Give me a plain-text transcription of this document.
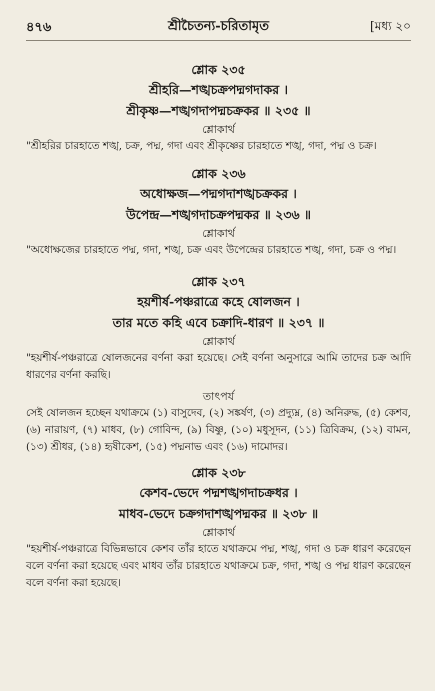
৪৭৬	শ্রীচৈতন্য-চরিতামৃত	[মধ্য ২০
শ্লোক ২৩৫
শ্রীহরি—শঙ্খচক্রপদ্মগদাকর ।
শ্রীকৃষ্ণ—শঙ্খগদাপদ্মচক্রকর ॥ ২৩৫ ॥
শ্লোকার্থ
"শ্রীহরির চারহাতে শঙ্খ, চক্র, পদ্ম, গদা এবং শ্রীকৃষ্ণের চারহাতে শঙ্খ, গদা, পদ্ম ও চক্র।
শ্লোক ২৩৬
অধোক্ষজ—পদ্মগদাশঙ্খচক্রকর ।
উপেন্দ্র—শঙ্খগদাচক্রপদ্মকর ॥ ২৩৬ ॥
শ্লোকার্থ
"অধোক্ষজের চারহাতে পদ্ম, গদা, শঙ্খ, চক্র এবং উপেন্দ্রের চারহাতে শঙ্খ, গদা, চক্র ও পদ্ম।
শ্লোক ২৩৭
হয়শীর্ষ-পঞ্চরাত্রে কহে ষোলজন ।
তার মতে কহি এবে চক্রাদি-ধারণ ॥ ২৩৭ ॥
শ্লোকার্থ
"হয়শীর্ষ-পঞ্চরাত্রে ষোলজনের বর্ণনা করা হয়েছে। সেই বর্ণনা অনুসারে আমি তাদের চক্র আদি ধারণের বর্ণনা করছি।
তাৎপর্য
সেই ষোলজন হচ্ছেন যথাক্রমে (১) বাসুদেব, (২) সঙ্কর্ষণ, (৩) প্রদ্যুম্ন, (৪) অনিরুদ্ধ, (৫) কেশব, (৬) নারায়ণ, (৭) মাধব, (৮) গোবিন্দ, (৯) বিষ্ণু, (১০) মধুসূদন, (১১) ত্রিবিক্রম, (১২) বামন, (১৩) শ্রীধর, (১৪) হৃষীকেশ, (১৫) পদ্মনাভ এবং (১৬) দামোদর।
শ্লোক ২৩৮
কেশব-ভেদে পদ্মশঙ্খগদাচক্রধর ।
মাধব-ভেদে চক্রগদাশঙ্খপদ্মকর ॥ ২৩৮ ॥
শ্লোকার্থ
"হয়শীর্ষ-পঞ্চরাত্রে বিভিন্নভাবে কেশব তাঁর হাতে যথাক্রমে পদ্ম, শঙ্খ, গদা ও চক্র ধারণ করেছেন বলে বর্ণনা করা হয়েছে এবং মাধব তাঁর চারহাতে যথাক্রমে চক্র, গদা, শঙ্খ ও পদ্ম ধারণ করেছেন বলে বর্ণনা করা হয়েছে।
